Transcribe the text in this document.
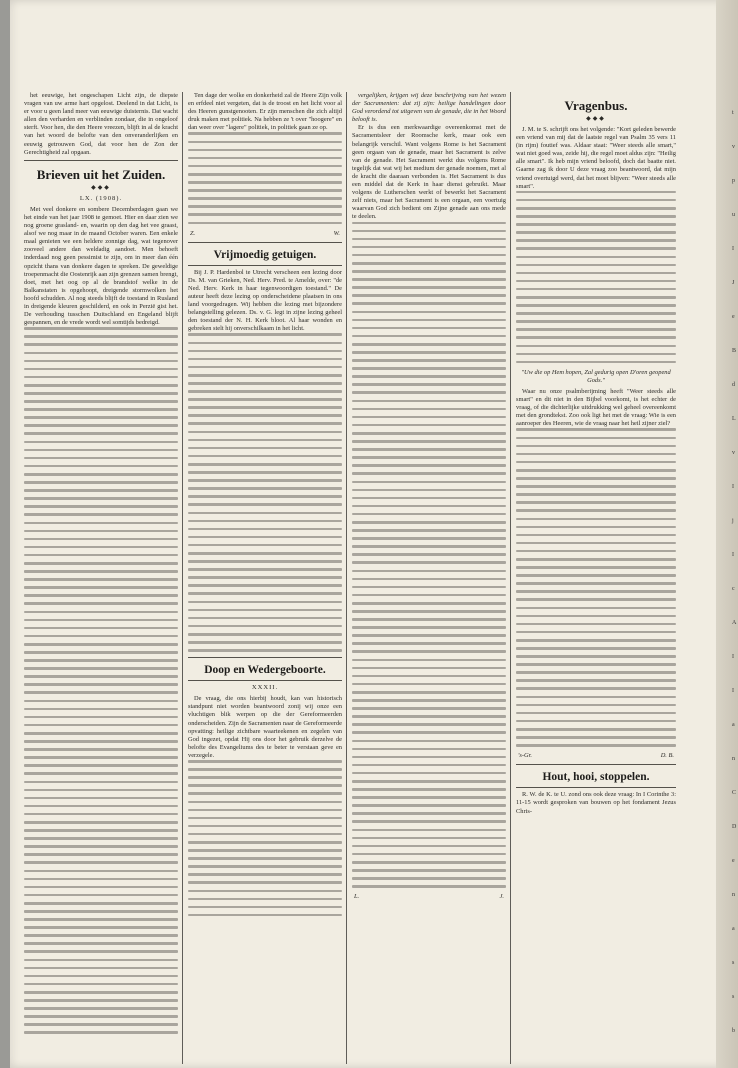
het eeuwige, het ongeschapen Licht zijn, de diepste vragen van uw arme hart opgelost. Deelend in dat Licht, is er voor u geen land meer van eeuwige duisternis. Dat wacht allen den verharden en verblinden zondaar, die in ongeloof sterft. Voor hen, die den Heere vreezen, blijft in al de kracht van het woord de belofte van den onveranderlijken en eeuwig getrouwen God, dat voor hen de Zon der Gerechtigheid zal opgaan.

Brieven uit het Zuiden.
◆◆◆
LX. (1908).

Met veel donkere en sombere Decemberdagen gaan we het einde van het jaar 1908 te gemoet. Hier en daar zien we nog groene grasland- en, waarin op den dag het vee graast, alsof we nog maar in de maand October waren. Een enkele maal genieten we een heldere zonnige dag, wat tegenover zooveel andere dan weldadig aandoet. Men behoeft inderdaad nog geen pessimist te zijn, om in meer dan één opzicht thans van donkere dagen te spreken. De geweldige troepenmacht die Oostenrijk aan zijn grenzen samen brengt, doet, met het oog op al de brandstof welke in de Balkanstaten is opgehoopt, dreigende stormwolken het hoofd schudden. Al nog steeds blijft de toestand in Rusland in dreigende kleuren geschilderd, en ook in Perzië gist het. De verhouding tusschen Duitschland en Engeland blijft gespannen, en de vrede wordt wel somtijds bedreigd.

Ten dage der wolke en donkerheid zal de Heere Zijn volk en erfdeel niet vergeten, dat is de troost en het licht voor al des Heeren gunstgenooten. Er zijn menschen die zich altijd druk maken met politiek. Na hebben ze 't over "hoogere" en dan weer over "lagere" politiek, in politiek gaan ze op.

Z.	W.
Vrijmoedig getuigen.

Bij J. P. Hardenbol te Utrecht verscheen een lezing door Ds. M. van Grieken, Ned. Herv. Pred. te Amelde, over: "de Ned. Herv. Kerk in haar tegenwoordigen toestand." De auteur heeft deze lezing op onderscheidene plaatsen in ons land voorgedragen. Wij hebben die lezing met bijzondere belangstelling gelezen. Ds. v. G. legt in zijne lezing geheel den toestand der N. H. Kerk bloot. Al haar wonden en gebreken stelt hij onverschilkaam in het licht.

Doop en Wedergeboorte.
XXXII.

De vraag, die ons hierbij houdt, kan van historisch standpunt niet worden beantwoord zonij wij onze een vluchtigen blik werpen op die der Gereformeerden onderscheiden. Zijn de Sacramenten naar de Gereformeerde opvatting: heilige zichtbare waarteekenen en zegelen van God ingezet, opdat Hij ons door het gebruik derzelve de belofte des Evangeliums des te beter te verstaan geve en verzegele.

vergelijken, krijgen wij deze beschrijving van het wezen der Sacramenten: dat zij zijn: heilige handelingen door God verordend tot uitgeven van de genade, die in het Woord belooft is.

Er is dus een merkwaardige overeenkomst met de Sacramentsleer der Roomsche kerk, maar ook een belangrijk verschil. Want volgens Rome is het Sacrament geen orgaan van de genade, maar het Sacrament is zelve van de genade. Het Sacrament werkt dus volgens Rome tegelijk dat wat wij het medium der genade noemen, met al de kracht die daaraan verbonden is. Het Sacrament is dus een middel dat de Kerk in haar dienst gebruikt. Maar volgens de Lutherschen werkt of bewerkt het Sacrament zelf niets, maar het Sacrament is een orgaan, een voertuig waarvan God zich bedient om Zijne genade aan ons mede te deelen.

L.	J.
Vragenbus.
◆◆◆

J. M. te S. schrijft ons het volgende: "Kort geleden bewerde een vriend van mij dat de laatste regel van Psalm 35 vers 11 (in rijm) foutief was. Aldaar staat: "Weer steeds alle smart," wat niet goed was, zeide hij, die regel moet aldus zijn: "Heilig alle smart". Ik heb mijn vriend beloofd, doch dat baatte niet. Gaarne zag ik door U deze vraag zoo beantwoord, dat mijn vriend overtuigd werd, dat het moet blijven: "Weer steeds alle smart".

"Uw die op Hem hopen, Zal gedurig open D'oren geopend Gods."

Waar nu onze psalmberijming heeft "Weer steeds alle smart" en dit niet in den Bijbel voorkomt, is het echter de vraag, of die dichterlijke uitdrukking wel geheel overeenkomt met den grondtekst. Zoo ook ligt het met de vraag: Wie is een aanroeper des Heeren, wie de vraag naar het heil zijner ziel?

's-Gr.	D. B.
Hout, hooi, stoppelen.

R. W. de K. te U. zond ons ook deze vraag: In I Corinthe 3: 11-15 wordt gesproken van bouwen op het fondament Jezus Chris-

t
v
p
u
I
J
e
B
d
L
v
I
j
I
c
A
I
I
a
n
C
D
e
n
a
s
s
b
